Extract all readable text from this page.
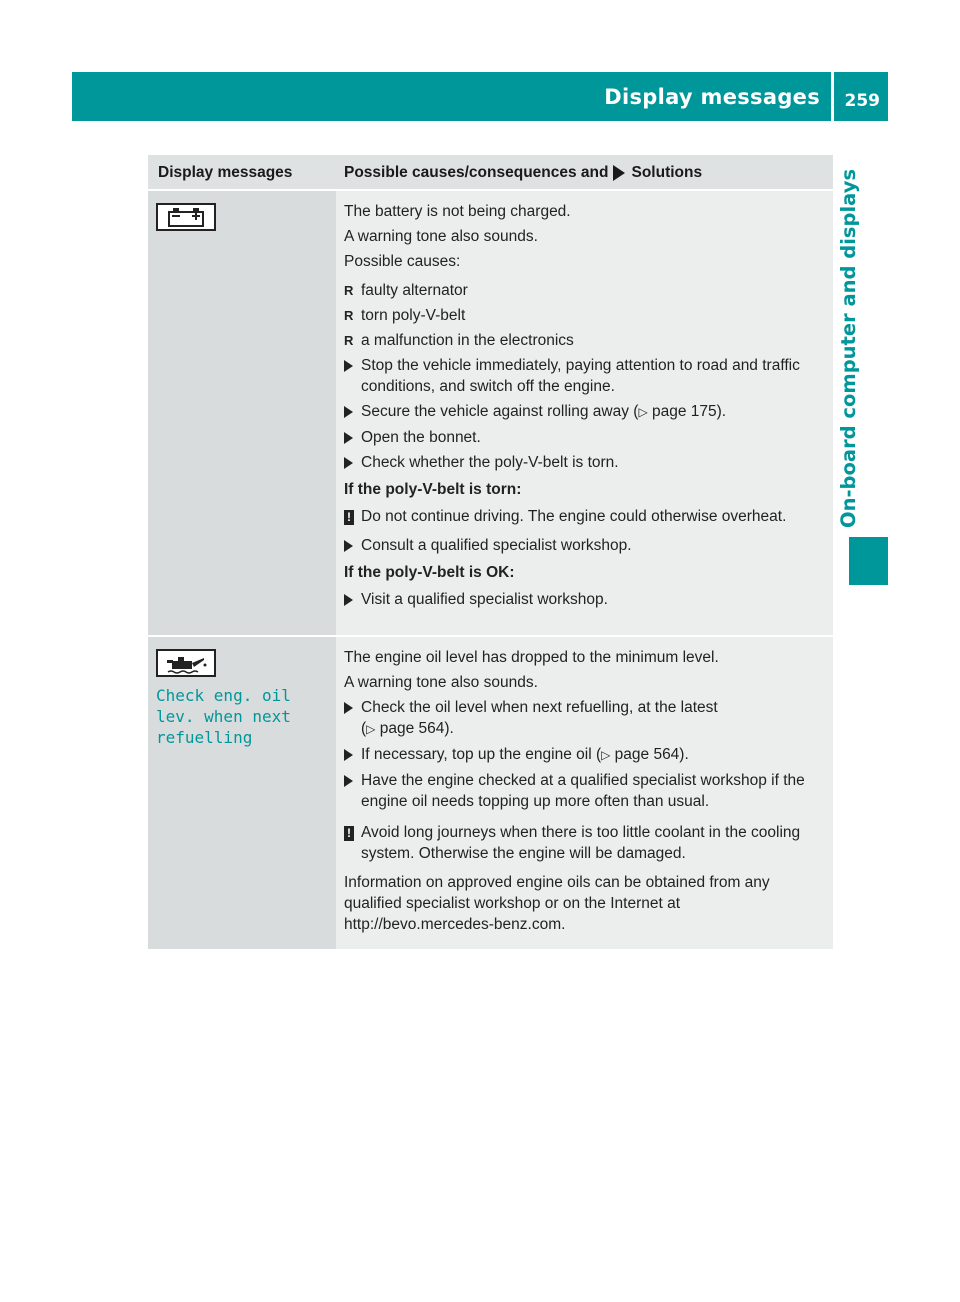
Display messages 259
On-board computer and displays
Display messages	Possible causes/consequences and Solutions
The battery is not being charged.
A warning tone also sounds.
Possible causes:
R faulty alternator
R torn poly-V-belt
R a malfunction in the electronics
Stop the vehicle immediately, paying attention to road and traffic conditions, and switch off the engine.
Secure the vehicle against rolling away (▷ page 175).
Open the bonnet.
Check whether the poly-V-belt is torn.
If the poly-V-belt is torn:
! Do not continue driving. The engine could otherwise overheat.
Consult a qualified specialist workshop.
If the poly-V-belt is OK:
Visit a qualified specialist workshop.
Check eng. oil
lev. when next
refuelling
The engine oil level has dropped to the minimum level.
A warning tone also sounds.
Check the oil level when next refuelling, at the latest
(▷ page 564).
If necessary, top up the engine oil (▷ page 564).
Have the engine checked at a qualified specialist workshop if the engine oil needs topping up more often than usual.
! Avoid long journeys when there is too little coolant in the cooling system. Otherwise the engine will be damaged.
Information on approved engine oils can be obtained from any qualified specialist workshop or on the Internet at http://bevo.mercedes-benz.com.
